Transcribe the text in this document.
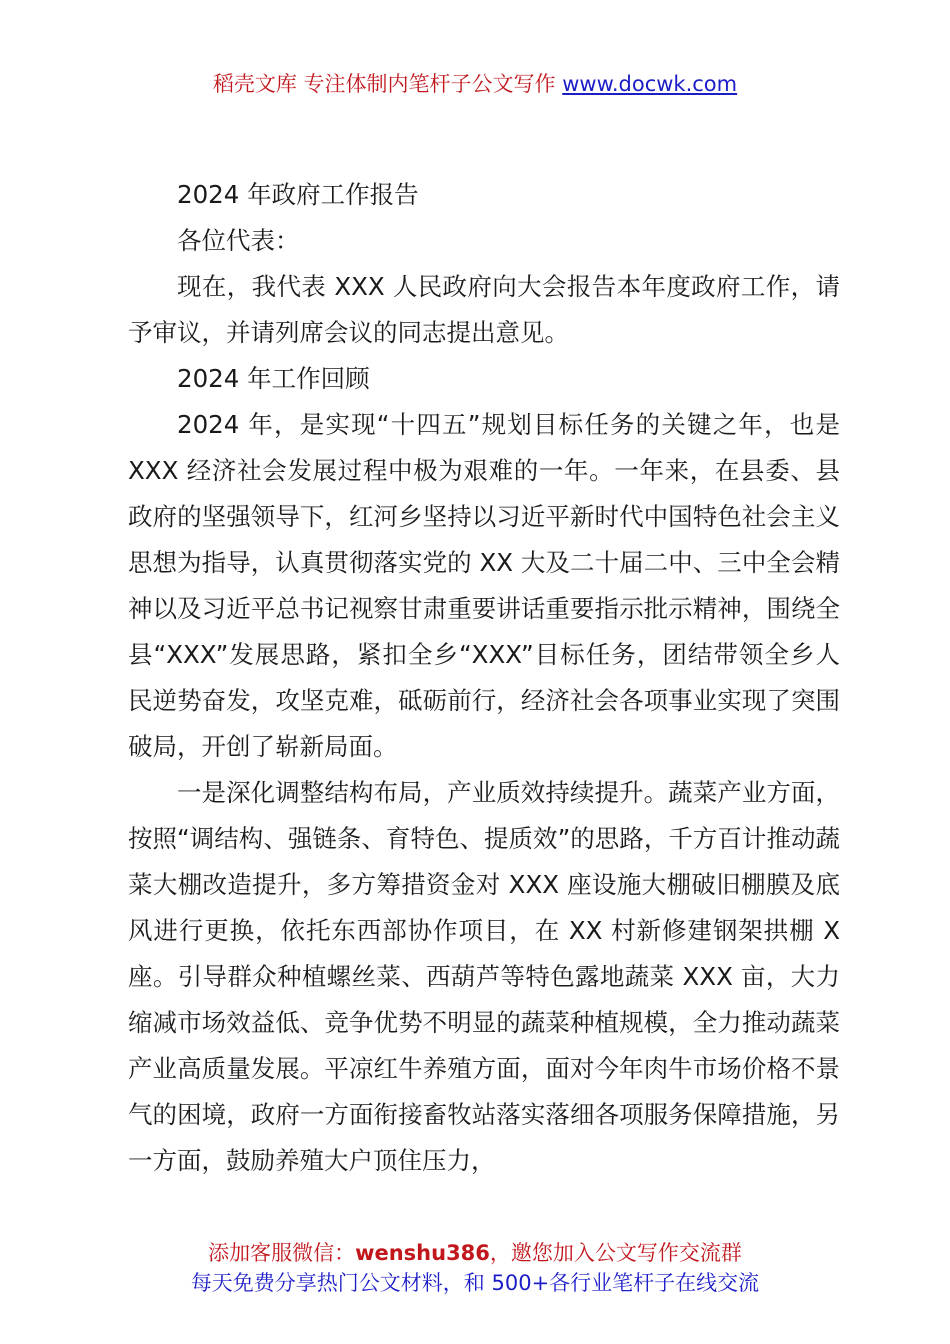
稻壳文库 专注体制内笔杆子公文写作 www.docwk.com

2024 年政府工作报告

各位代表：

现在，我代表 XXX 人民政府向大会报告本年度政府工作，请予审议，并请列席会议的同志提出意见。

2024 年工作回顾

2024 年，是实现“十四五”规划目标任务的关键之年，也是 XXX 经济社会发展过程中极为艰难的一年。一年来，在县委、县政府的坚强领导下，红河乡坚持以习近平新时代中国特色社会主义思想为指导，认真贯彻落实党的 XX 大及二十届二中、三中全会精神以及习近平总书记视察甘肃重要讲话重要指示批示精神，围绕全县“XXX”发展思路，紧扣全乡“XXX”目标任务，团结带领全乡人民逆势奋发，攻坚克难，砥砺前行，经济社会各项事业实现了突围破局，开创了崭新局面。

一是深化调整结构布局，产业质效持续提升。蔬菜产业方面，按照“调结构、强链条、育特色、提质效”的思路，千方百计推动蔬菜大棚改造提升，多方筹措资金对 XXX 座设施大棚破旧棚膜及底风进行更换，依托东西部协作项目，在 XX 村新修建钢架拱棚 X 座。引导群众种植螺丝菜、西葫芦等特色露地蔬菜 XXX 亩，大力缩减市场效益低、竞争优势不明显的蔬菜种植规模，全力推动蔬菜产业高质量发展。平凉红牛养殖方面，面对今年肉牛市场价格不景气的困境，政府一方面衔接畜牧站落实落细各项服务保障措施，另一方面，鼓励养殖大户顶住压力，

添加客服微信：wenshu386，邀您加入公文写作交流群
每天免费分享热门公文材料，和 500+各行业笔杆子在线交流
